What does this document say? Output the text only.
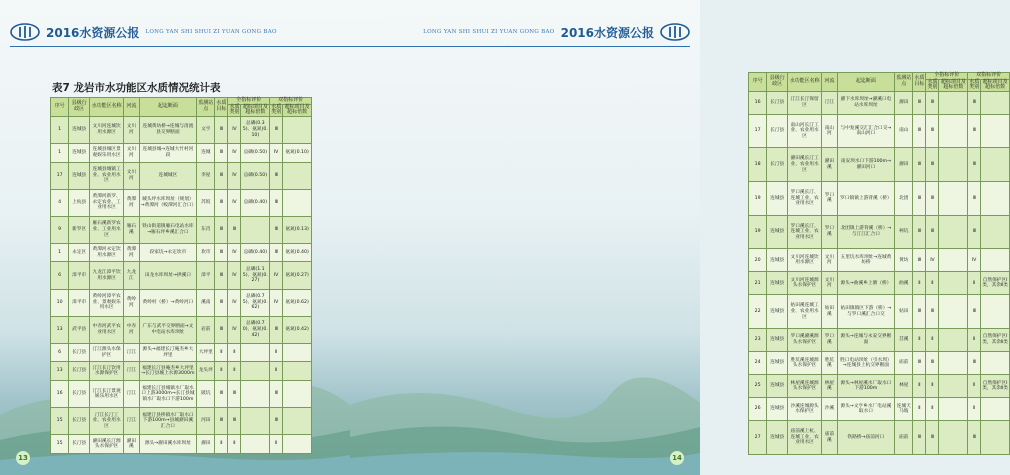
2016水资源公报 LONG YAN SHI SHUI ZI YUAN GONG BAO
表7 龙岩市水功能区水质情况统计表
序号	县级行政区	水功能区名称	河流	起迄断面	监测站点	水质目标	全指标评价		双指标评价	
							水质类别	超标项目及超标倍数	水质类别	超标项目及超标倍数
1	连城县	文川河连城饮用水源区	文川河	连城黄坊桥→连城与清流县交界断面	文亨	Ⅲ	Ⅳ	总磷(0.35)、氨氮(0.10)	Ⅲ	
1	连城县	连城县城区景观娱乐用水区	文川河	连城县城→连城大竹村河段	连城	Ⅲ	Ⅳ	总磷(0.50)	Ⅳ	氨氮(0.10)
17	连城县	连城县城镇工业、农业用水区	文川河	连城城区	李屋	Ⅲ	Ⅳ	总磷(0.50)	Ⅲ	
4	上杭县	黄潭河新罗、永定农业、工业用水区	黄潭河	城头坪水库坝址（规划）→黄潭河（蛟潭河汇合口）	苏坂	Ⅲ	Ⅳ	总磷(0.40)	Ⅲ	
9	新罗区	雁石溪新罗农业、工业用水区	雁石溪	铁山街道镇雁石电站水库→雁石坪乡溪汇合口	东肖	Ⅲ	Ⅲ		Ⅲ	氨氮(0.13)
1	永定区	黄潭河永定饮用水源区	黄潭河	段家坑→永定坎市	坎市	Ⅲ	Ⅳ	总磷(0.40)	Ⅲ	氨氮(0.40)
6	漳平市	九龙江漳平饮用水源区	九龙江	田龙水库坝址→拱溪口	漳平	Ⅲ	Ⅳ	总磷(1.15)、氨氮(0.27)	Ⅳ	氨氮(0.27)
10	漳平市	黄岭河漳平农业、景观娱乐用水区	黄岭河	黄岭村（桥）→黄岭河口	溪南	Ⅲ	Ⅳ	总磷(0.75)、氨氮(0.62)	Ⅳ	氨氮(0.62)
13	武平县	中赤河武平农业用水区	中赤河	广东与武平交界断面→文中电站水库坝址	岩前	Ⅲ	Ⅳ	总磷(0.70)、氨氮(0.42)	Ⅲ	氨氮(0.42)
6	长汀县	汀江源头水保护区	汀江	源头→福建长汀庵杰乡大坪里	大坪里	Ⅱ	Ⅱ		Ⅱ	
13	长汀县	汀江长汀饮用水源保护区	汀江	福建长汀县庵杰乡大坪里→长汀县城上水源3000m	龙头坪	Ⅱ	Ⅱ		Ⅱ	
16	长汀县	汀江长汀景观娱乐用水区	汀江	福建长汀县城镇水厂取水口上游3000m→长汀县城镇水厂取水口下游100m	陂坑	Ⅲ	Ⅲ		Ⅲ	
15	长汀县	汀江长汀工业、农业用水区	汀江	福建汀县桥镇水厂取水口下游100m→县城濯田溪汇合口	河田	Ⅲ	Ⅲ		Ⅲ	
15	长汀县	濯田溪长汀源头水保护区	濯田溪	源头→濯田溪水库坝址	濯田	Ⅱ	Ⅱ		Ⅱ	
13
LONG YAN SHI SHUI ZI YUAN GONG BAO 2016水资源公报
序号	县级行政区	水功能区名称	河流	起迄断面	监测站点	水质目标	全指标评价		双指标评价	
							水质类别	超标项目及超标倍数	水质类别	超标项目及超标倍数
16	长汀县	汀江长汀保留区	汀江	濯下水库坝址→濯溪口电站水库坝址	濯田	Ⅲ	Ⅲ		Ⅲ	
17	长汀县	南山河长汀工业、农业用水区	南山河	与中复溪交汇汇合口交→南山河口	南山	Ⅲ	Ⅲ		Ⅲ	
18	长汀县	濯田溪长汀工业、农业用水区	濯田溪	南安坝水口下游100m→濯田河口	濯田	Ⅲ	Ⅲ		Ⅲ	
19	连城县	罗口溪长汀、连城工业、农业用水区	罗口溪	罗口镇镇上游背溪（桥）	北团	Ⅲ	Ⅲ		Ⅲ	
19	连城县	罗口溪长汀、连城工业、农业用水区	罗口溪	北团镇上游背溪（桥）→与汀江汇合口	柯坑	Ⅲ	Ⅲ		Ⅲ	
20	连城县	文川河连城饮用水源区	文川河	五里坑水库坝址→连城黄坊桥	黄坊	Ⅲ	Ⅳ		Ⅳ	
21	连城县	文川河连城源头水保护区	文川河	源头→曲溪乡上塘（桥）	曲溪	Ⅱ	Ⅱ		Ⅱ	自然保护区Ⅰ类，其余Ⅱ类
22	连城县	姑田溪连城工业、农业用水区	姑田溪	姑田镇镇区下游（桥）→与罗口溪汇合口交	姑田	Ⅲ	Ⅲ		Ⅲ	
23	连城县	罗口溪濯溪源头水保护区	罗口溪	源头→连城与永安交界断面	莒溪	Ⅱ	Ⅱ		Ⅱ	自然保护区Ⅰ类，其余Ⅱ类
24	连城县	胜坑溪连城源头水保护区	胜坑溪	胜口电站坝址（引水坝）→连城县上杭交界断面	庙前	Ⅲ	Ⅲ		Ⅲ	
25	连城县	林屋溪连城源头水保护区	林屋溪	源头→林屋溪水厂取水口下游100m	林屋	Ⅱ	Ⅱ		Ⅱ	自然保护区Ⅰ类，其余Ⅱ类
26	连城县	沙溪连城源头水保护区	沙溪	源头→文亨乡水厂电站溪取水口	连城天马坡	Ⅱ	Ⅱ		Ⅱ	
27	连城县	庙前溪上杭、连城工业、农业用水区	庙前溪	铁路桥→庙前河口	庙前	Ⅲ	Ⅲ		Ⅲ	
14
